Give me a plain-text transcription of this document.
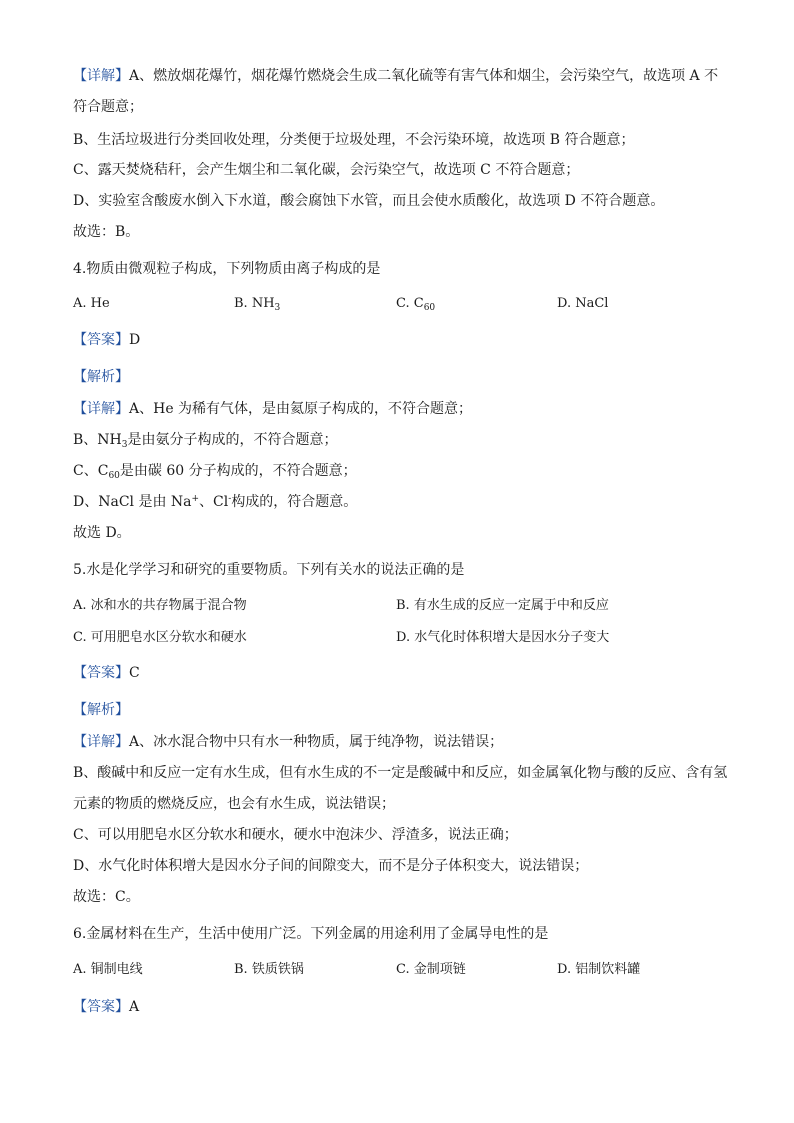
【详解】A、燃放烟花爆竹，烟花爆竹燃烧会生成二氧化硫等有害气体和烟尘，会污染空气，故选项 A 不
符合题意；
B、生活垃圾进行分类回收处理，分类便于垃圾处理，不会污染环境，故选项 B 符合题意；
C、露天焚烧秸秆，会产生烟尘和二氧化碳，会污染空气，故选项 C 不符合题意；
D、实验室含酸废水倒入下水道，酸会腐蚀下水管，而且会使水质酸化，故选项 D 不符合题意。
故选：B。
4.物质由微观粒子构成，下列物质由离子构成的是
A. He	B. $NH_3$	C. $C_{60}$	D. NaCl
【答案】D
【解析】
【详解】A、He 为稀有气体，是由氦原子构成的，不符合题意；
B、$NH_3$是由氨分子构成的，不符合题意；
C、$C_{60}$是由碳 60 分子构成的，不符合题意；
D、NaCl 是由 Na+、Cl-构成的，符合题意。
故选 D。
5.水是化学学习和研究的重要物质。下列有关水的说法正确的是
A. 冰和水的共存物属于混合物	B. 有水生成的反应一定属于中和反应
C. 可用肥皂水区分软水和硬水	D. 水气化时体积增大是因水分子变大
【答案】C
【解析】
【详解】A、冰水混合物中只有水一种物质，属于纯净物，说法错误；
B、酸碱中和反应一定有水生成，但有水生成的不一定是酸碱中和反应，如金属氧化物与酸的反应、含有氢
元素的物质的燃烧反应，也会有水生成，说法错误；
C、可以用肥皂水区分软水和硬水，硬水中泡沫少、浮渣多，说法正确；
D、水气化时体积增大是因水分子间的间隙变大，而不是分子体积变大，说法错误；
故选：C。
6.金属材料在生产，生活中使用广泛。下列金属的用途利用了金属导电性的是
A. 铜制电线	B. 铁质铁锅	C. 金制项链	D. 铝制饮料罐
【答案】A
